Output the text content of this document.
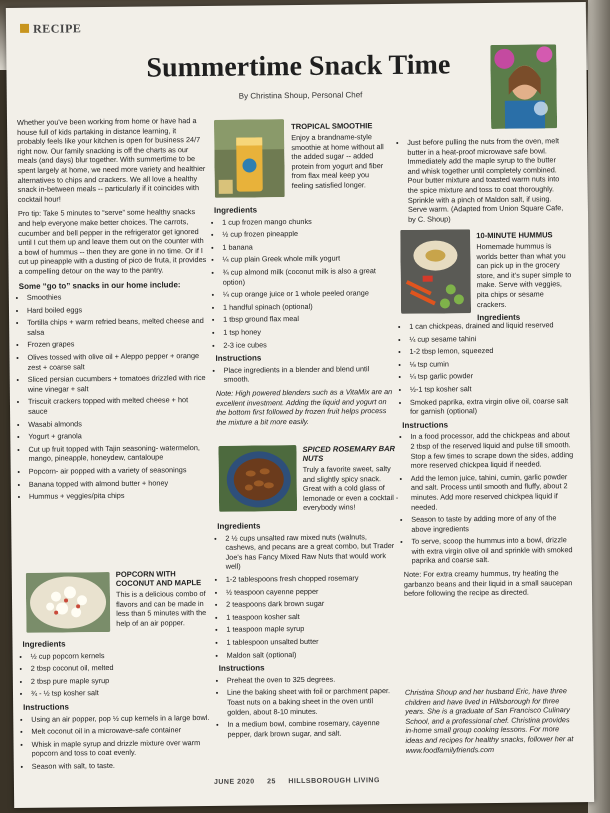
RECIPE
Summertime Snack Time
By Christina Shoup, Personal Chef

Whether you've been working from home or have had a house full of kids partaking in distance learning, it probably feels like your kitchen is open for business 24/7 right now. Our family snacking is off the charts as our meals (and days) blur together. With summertime to be spent largely at home, we need more variety and healthier alternatives to chips and crackers. We all love a healthy snack in-between meals -- particularly if it coincides with cocktail hour!

Pro tip: Take 5 minutes to “serve” some healthy snacks and help everyone make better choices. The carrots, cucumber and bell pepper in the refrigerator get ignored until I cut them up and leave them out on the counter with a bowl of hummus -- then they are gone in no time. Or if I cut up pineapple with a dusting of pico de fruta, it provides a compelling detour on the way to the pantry.

Some “go to” snacks in our home include:
• Smoothies
• Hard boiled eggs
• Tortilla chips + warm refried beans, melted cheese and salsa
• Frozen grapes
• Olives tossed with olive oil + Aleppo pepper + orange zest + coarse salt
• Sliced persian cucumbers + tomatoes drizzled with rice wine vinegar + salt
• Triscuit crackers topped with melted cheese + hot sauce
• Wasabi almonds
• Yogurt + granola
• Cut up fruit topped with Tajin seasoning- watermelon, mango, pineapple, honeydew, cantaloupe
• Popcorn- air popped with a variety of seasonings
• Banana topped with almond butter + honey
• Hummus + veggies/pita chips
POPCORN WITH COCONUT AND MAPLE
This is a delicious combo of flavors and can be made in less than 5 minutes with the help of an air popper.
Ingredients
• ½ cup popcorn kernels
• 2 tbsp coconut oil, melted
• 2 tbsp pure maple syrup
• ¾ - ½ tsp kosher salt
Instructions
• Using an air popper, pop ½ cup kernels in a large bowl.
• Melt coconut oil in a microwave-safe container
• Whisk in maple syrup and drizzle mixture over warm popcorn and toss to coat evenly.
• Season with salt, to taste.
TROPICAL SMOOTHIE
Enjoy a brandname-style smoothie at home without all the added sugar -- added protein from yogurt and fiber from flax meal keep you feeling satisfied longer.
Ingredients
• 1 cup frozen mango chunks
• ½ cup frozen pineapple
• 1 banana
• ¼ cup plain Greek whole milk yogurt
• ¾ cup almond milk (coconut milk is also a great option)
• ¼ cup orange juice or 1 whole peeled orange
• 1 handful spinach (optional)
• 1 tbsp ground flax meal
• 1 tsp honey
• 2-3 ice cubes
Instructions
• Place ingredients in a blender and blend until smooth.

Note: High powered blenders such as a VitaMix are an excellent investment. Adding the liquid and yogurt on the bottom first followed by frozen fruit helps process the mixture a bit more easily.

SPICED ROSEMARY BAR NUTS
Truly a favorite sweet, salty and slightly spicy snack. Great with a cold glass of lemonade or even a cocktail - everybody wins!
Ingredients
• 2 ½ cups unsalted raw mixed nuts (walnuts, cashews, and pecans are a great combo, but Trader Joe's has Fancy Mixed Raw Nuts that would work well)
• 1-2 tablespoons fresh chopped rosemary
• ½ teaspoon cayenne pepper
• 2 teaspoons dark brown sugar
• 1 teaspoon kosher salt
• 1 teaspoon maple syrup
• 1 tablespoon unsalted butter
• Maldon salt (optional)
Instructions
• Preheat the oven to 325 degrees.
• Line the baking sheet with foil or parchment paper. Toast nuts on a baking sheet in the oven until golden, about 8-10 minutes.
• In a medium bowl, combine rosemary, cayenne pepper, dark brown sugar, and salt.
• Just before pulling the nuts from the oven, melt butter in a heat-proof microwave safe bowl. Immediately add the maple syrup to the butter and whisk together until completely combined. Pour butter mixture and toasted warm nuts into the spice mixture and toss to coat thoroughly. Sprinkle with a pinch of Maldon salt, if using. Serve warm. (Adapted from Union Square Cafe, by C. Shoup)
10-MINUTE HUMMUS
Homemade hummus is worlds better than what you can pick up in the grocery store, and it's super simple to make. Serve with veggies, pita chips or sesame crackers.
Ingredients
• 1 can chickpeas, drained and liquid reserved
• ¼ cup sesame tahini
• 1-2 tbsp lemon, squeezed
• ⅛ tsp cumin
• ¼ tsp garlic powder
• ½-1 tsp kosher salt
• Smoked paprika, extra virgin olive oil, coarse salt for garnish (optional)
Instructions
• In a food processor, add the chickpeas and about 2 tbsp of the reserved liquid and pulse till smooth. Stop a few times to scrape down the sides, adding more reserved chickpea liquid if needed.
• Add the lemon juice, tahini, cumin, garlic powder and salt. Process until smooth and fluffy, about 2 minutes. Add more reserved chickpea liquid if needed.
• Season to taste by adding more of any of the above ingredients
• To serve, scoop the hummus into a bowl, drizzle with extra virgin olive oil and sprinkle with smoked paprika and coarse salt.

Note: For extra creamy hummus, try heating the garbanzo beans and their liquid in a small saucepan before following the recipe as directed.

Christina Shoup and her husband Eric, have three children and have lived in Hillsborough for three years. She is a graduate of San Francisco Culinary School, and a professional chef. Christina provides in-home small group cooking lessons. For more ideas and recipes for healthy snacks, follower her at www.foodfamilyfriends.com
JUNE 2020 25 HILLSBOROUGH LIVING
